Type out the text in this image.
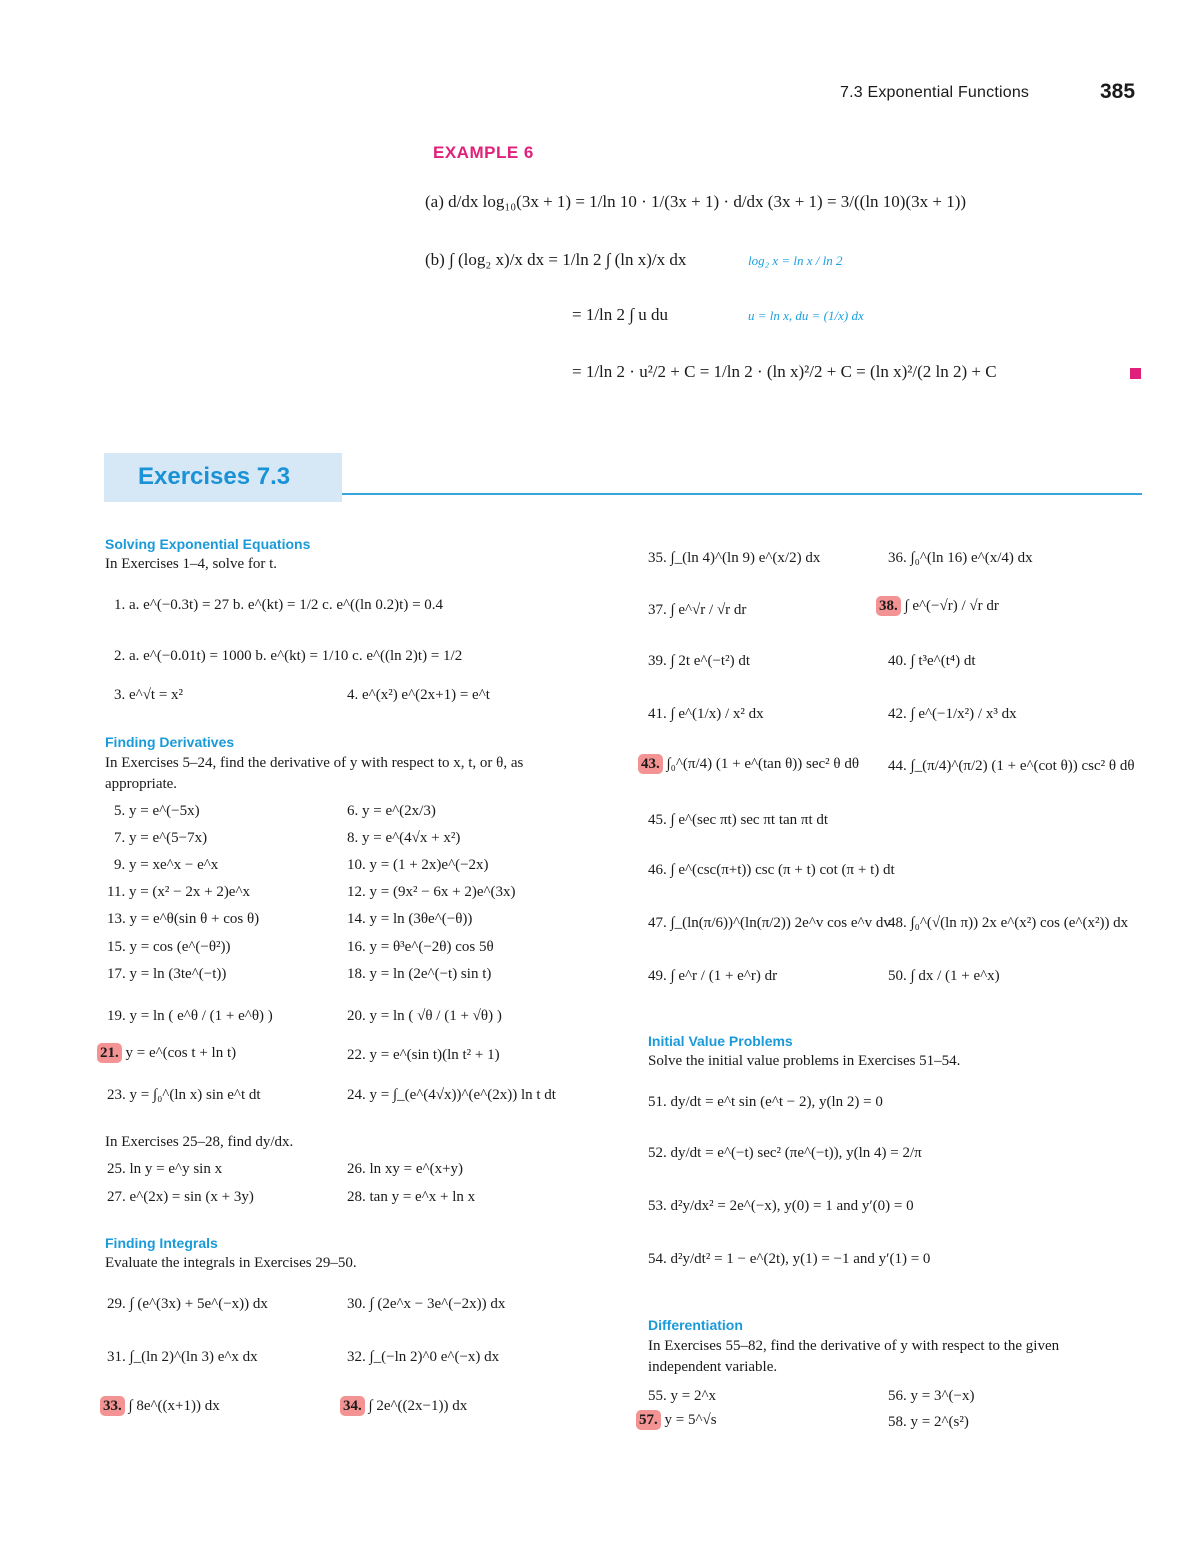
7.3 Exponential Functions	385
EXAMPLE 6
(a) d/dx log₁₀(3x + 1) = 1/ln 10 · 1/(3x + 1) · d/dx (3x + 1) = 3/((ln 10)(3x + 1))
(b) ∫ (log₂ x)/x dx = 1/ln 2 ∫ (ln x)/x dx	log₂ x = ln x / ln 2
= 1/ln 2 ∫ u du	u = ln x, du = (1/x) dx
= 1/ln 2 · u²/2 + C = 1/ln 2 · (ln x)²/2 + C = (ln x)²/(2 ln 2) + C
Exercises 7.3
Solving Exponential Equations
In Exercises 1–4, solve for t.
1. a. e^(−0.3t) = 27 b. e^(kt) = 1/2 c. e^((ln 0.2)t) = 0.4
2. a. e^(−0.01t) = 1000 b. e^(kt) = 1/10 c. e^((ln 2)t) = 1/2
3. e^√t = x²	4. e^(x²) e^(2x+1) = e^t
Finding Derivatives
In Exercises 5–24, find the derivative of y with respect to x, t, or θ, as
appropriate.
5. y = e^(−5x)	6. y = e^(2x/3)
7. y = e^(5−7x)	8. y = e^(4√x + x²)
9. y = xe^x − e^x	10. y = (1 + 2x)e^(−2x)
11. y = (x² − 2x + 2)e^x	12. y = (9x² − 6x + 2)e^(3x)
13. y = e^θ(sin θ + cos θ)	14. y = ln (3θe^(−θ))
15. y = cos (e^(−θ²))	16. y = θ³e^(−2θ) cos 5θ
17. y = ln (3te^(−t))	18. y = ln (2e^(−t) sin t)
19. y = ln ( e^θ / (1 + e^θ) )	20. y = ln ( √θ / (1 + √θ) )
21. y = e^(cos t + ln t)	22. y = e^(sin t)(ln t² + 1)
23. y = ∫₀^(ln x) sin e^t dt	24. y = ∫_(e^(4√x))^(e^(2x)) ln t dt
In Exercises 25–28, find dy/dx.
25. ln y = e^y sin x	26. ln xy = e^(x+y)
27. e^(2x) = sin (x + 3y)	28. tan y = e^x + ln x
Finding Integrals
Evaluate the integrals in Exercises 29–50.
29. ∫ (e^(3x) + 5e^(−x)) dx	30. ∫ (2e^x − 3e^(−2x)) dx
31. ∫_(ln 2)^(ln 3) e^x dx	32. ∫_(−ln 2)^0 e^(−x) dx
33. ∫ 8e^((x+1)) dx	34. ∫ 2e^((2x−1)) dx
35. ∫_(ln 4)^(ln 9) e^(x/2) dx	36. ∫₀^(ln 16) e^(x/4) dx
37. ∫ e^√r / √r dr	38. ∫ e^(−√r) / √r dr
39. ∫ 2t e^(−t²) dt	40. ∫ t³e^(t⁴) dt
41. ∫ e^(1/x) / x² dx	42. ∫ e^(−1/x²) / x³ dx
43. ∫₀^(π/4) (1 + e^(tan θ)) sec² θ dθ 44. ∫_(π/4)^(π/2) (1 + e^(cot θ)) csc² θ dθ
45. ∫ e^(sec πt) sec πt tan πt dt
46. ∫ e^(csc(π+t)) csc (π + t) cot (π + t) dt
47. ∫_(ln(π/6))^(ln(π/2)) 2e^v cos e^v dv
48. ∫₀^(√(ln π)) 2x e^(x²) cos (e^(x²)) dx
49. ∫ e^r / (1 + e^r) dr	50. ∫ dx / (1 + e^x)
Initial Value Problems
Solve the initial value problems in Exercises 51–54.
51. dy/dt = e^t sin (e^t − 2), y(ln 2) = 0
52. dy/dt = e^(−t) sec² (πe^(−t)), y(ln 4) = 2/π
53. d²y/dx² = 2e^(−x), y(0) = 1 and y′(0) = 0
54. d²y/dt² = 1 − e^(2t), y(1) = −1 and y′(1) = 0
Differentiation
In Exercises 55–82, find the derivative of y with respect to the given
independent variable.
55. y = 2^x	56. y = 3^(−x)
57. y = 5^√s	58. y = 2^(s²)
